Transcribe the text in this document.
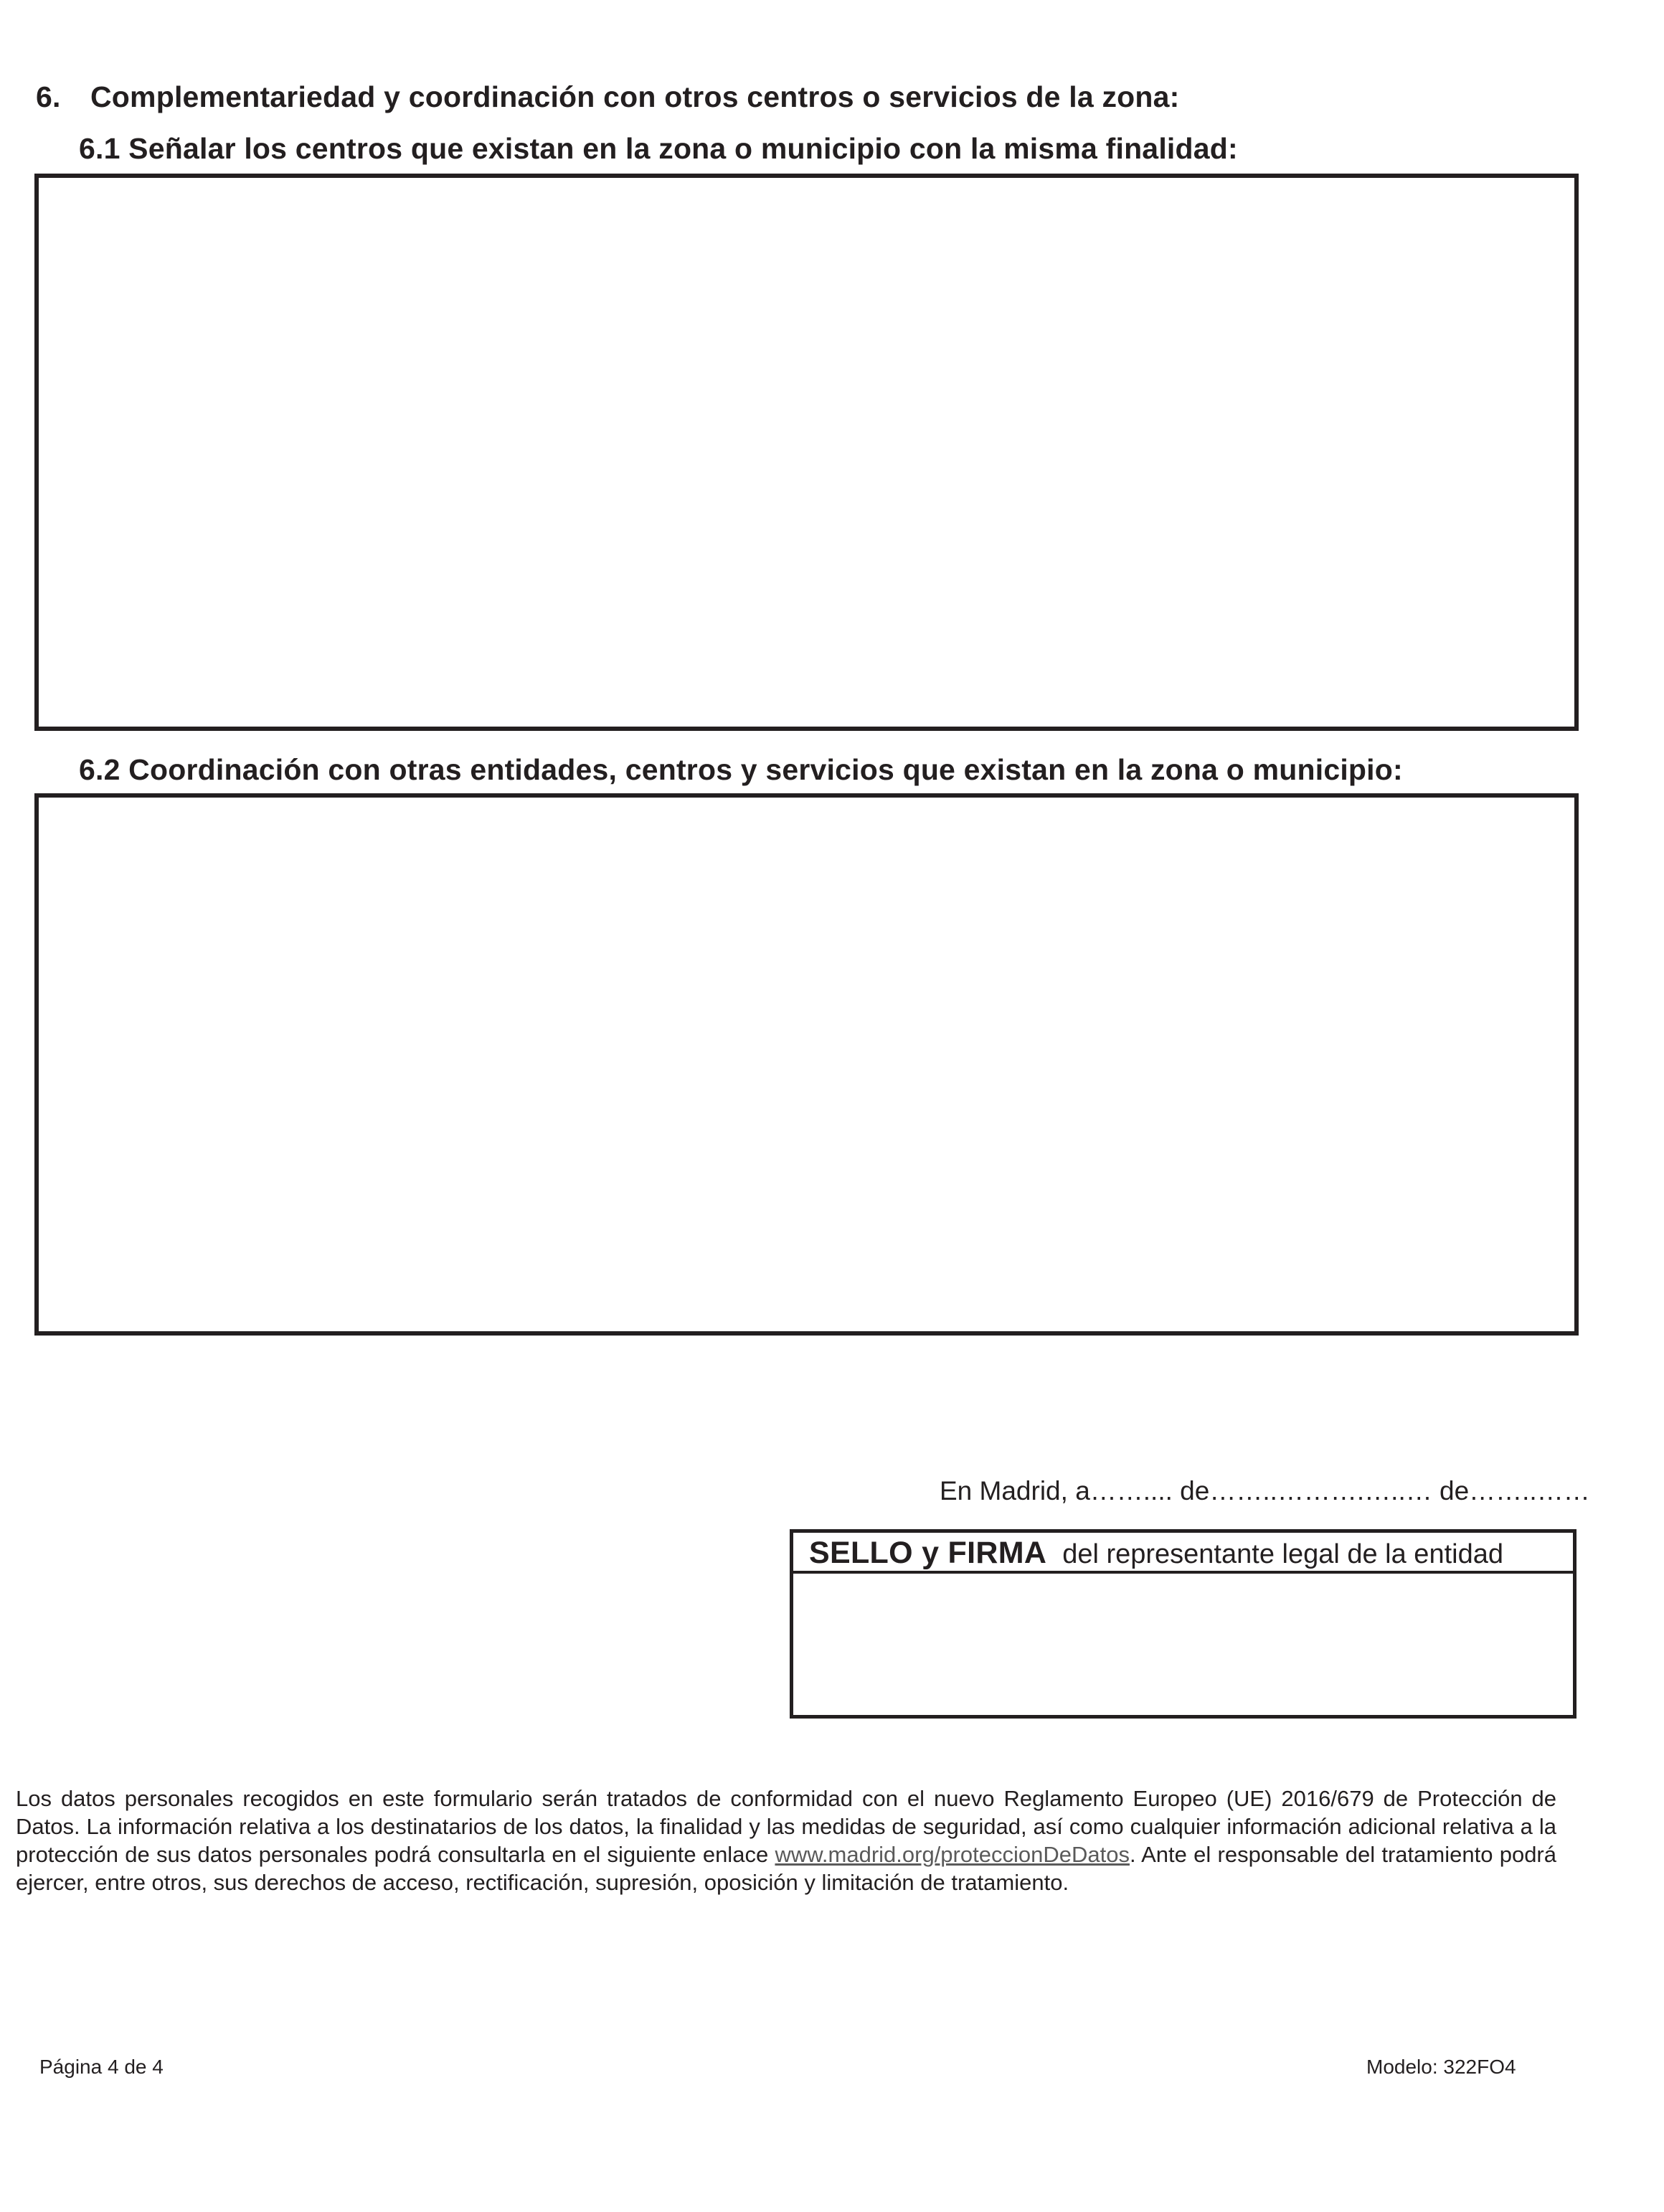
6. Complementariedad y coordinación con otros centros o servicios de la zona:
6.1 Señalar los centros que existan en la zona o municipio con la misma finalidad:
6.2 Coordinación con otras entidades, centros y servicios que existan en la zona o municipio:
En Madrid, a…….... de……..……….…..… de……..……
SELLO y FIRMA del representante legal de la entidad
Los datos personales recogidos en este formulario serán tratados de conformidad con el nuevo Reglamento Europeo (UE) 2016/679 de Protección de Datos. La información relativa a los destinatarios de los datos, la finalidad y las medidas de seguridad, así como cualquier información adicional relativa a la protección de sus datos personales podrá consultarla en el siguiente enlace www.madrid.org/proteccionDeDatos. Ante el responsable del tratamiento podrá ejercer, entre otros, sus derechos de acceso, rectificación, supresión, oposición y limitación de tratamiento.
Página 4 de 4	Modelo: 322FO4
